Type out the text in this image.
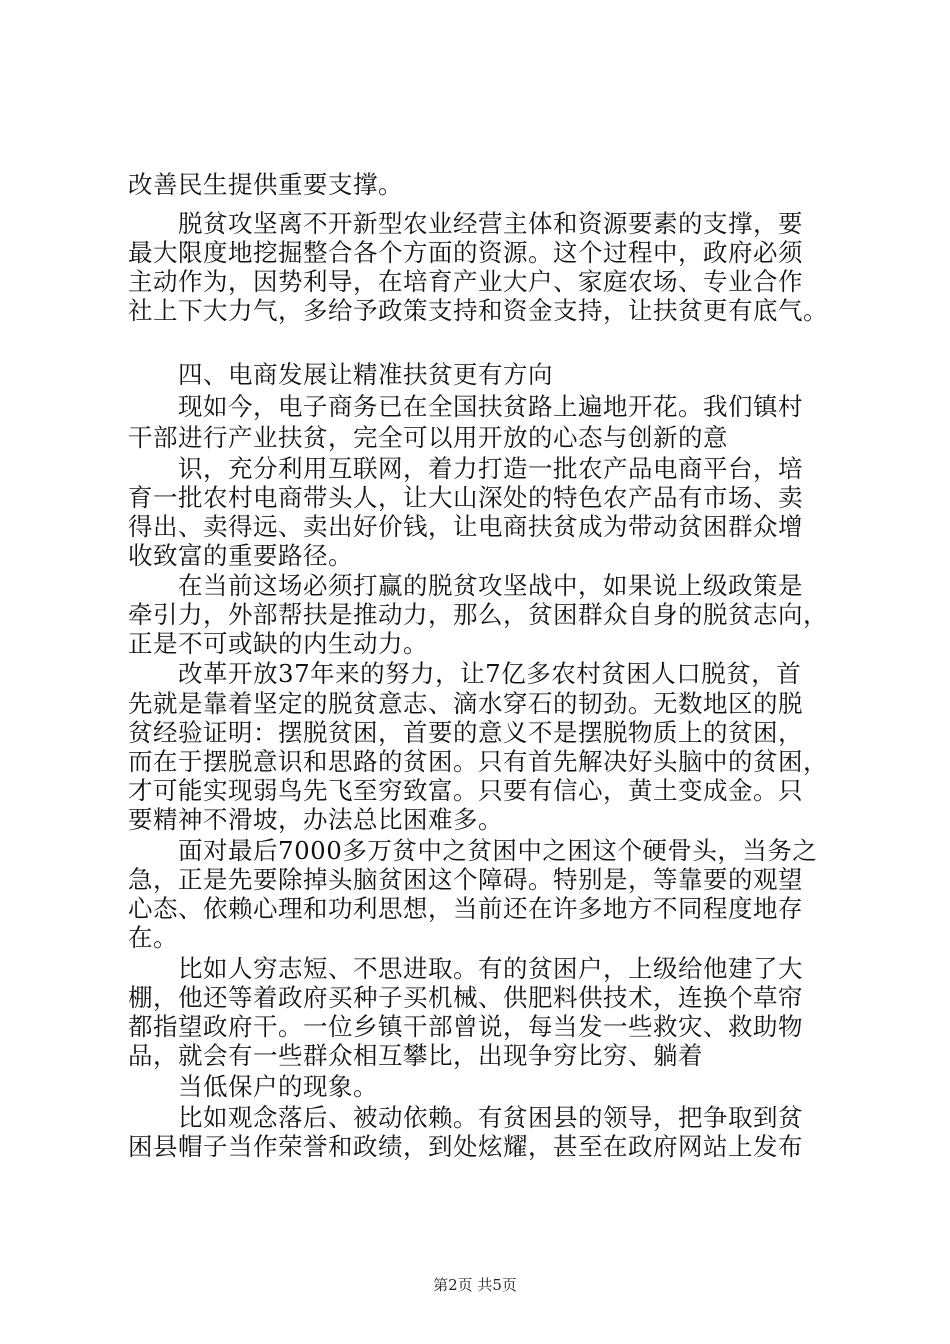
改善民生提供重要支撑。
脱贫攻坚离不开新型农业经营主体和资源要素的支撑，要
最大限度地挖掘整合各个方面的资源。这个过程中，政府必须
主动作为，因势利导，在培育产业大户、家庭农场、专业合作
社上下大力气，多给予政策支持和资金支持，让扶贫更有底气。
四、电商发展让精准扶贫更有方向
现如今，电子商务已在全国扶贫路上遍地开花。我们镇村
干部进行产业扶贫，完全可以用开放的心态与创新的意
识，充分利用互联网，着力打造一批农产品电商平台，培
育一批农村电商带头人，让大山深处的特色农产品有市场、卖
得出、卖得远、卖出好价钱，让电商扶贫成为带动贫困群众增
收致富的重要路径。
在当前这场必须打赢的脱贫攻坚战中，如果说上级政策是
牵引力，外部帮扶是推动力，那么，贫困群众自身的脱贫志向，
正是不可或缺的内生动力。
改革开放37年来的努力，让7亿多农村贫困人口脱贫，首
先就是靠着坚定的脱贫意志、滴水穿石的韧劲。无数地区的脱
贫经验证明：摆脱贫困，首要的意义不是摆脱物质上的贫困，
而在于摆脱意识和思路的贫困。只有首先解决好头脑中的贫困，
才可能实现弱鸟先飞至穷致富。只要有信心，黄土变成金。只
要精神不滑坡，办法总比困难多。
面对最后7000多万贫中之贫困中之困这个硬骨头，当务之
急，正是先要除掉头脑贫困这个障碍。特别是，等靠要的观望
心态、依赖心理和功利思想，当前还在许多地方不同程度地存
在。
比如人穷志短、不思进取。有的贫困户，上级给他建了大
棚，他还等着政府买种子买机械、供肥料供技术，连换个草帘
都指望政府干。一位乡镇干部曾说，每当发一些救灾、救助物
品，就会有一些群众相互攀比，出现争穷比穷、躺着
当低保户的现象。
比如观念落后、被动依赖。有贫困县的领导，把争取到贫
困县帽子当作荣誉和政绩，到处炫耀，甚至在政府网站上发布
第2页 共5页
